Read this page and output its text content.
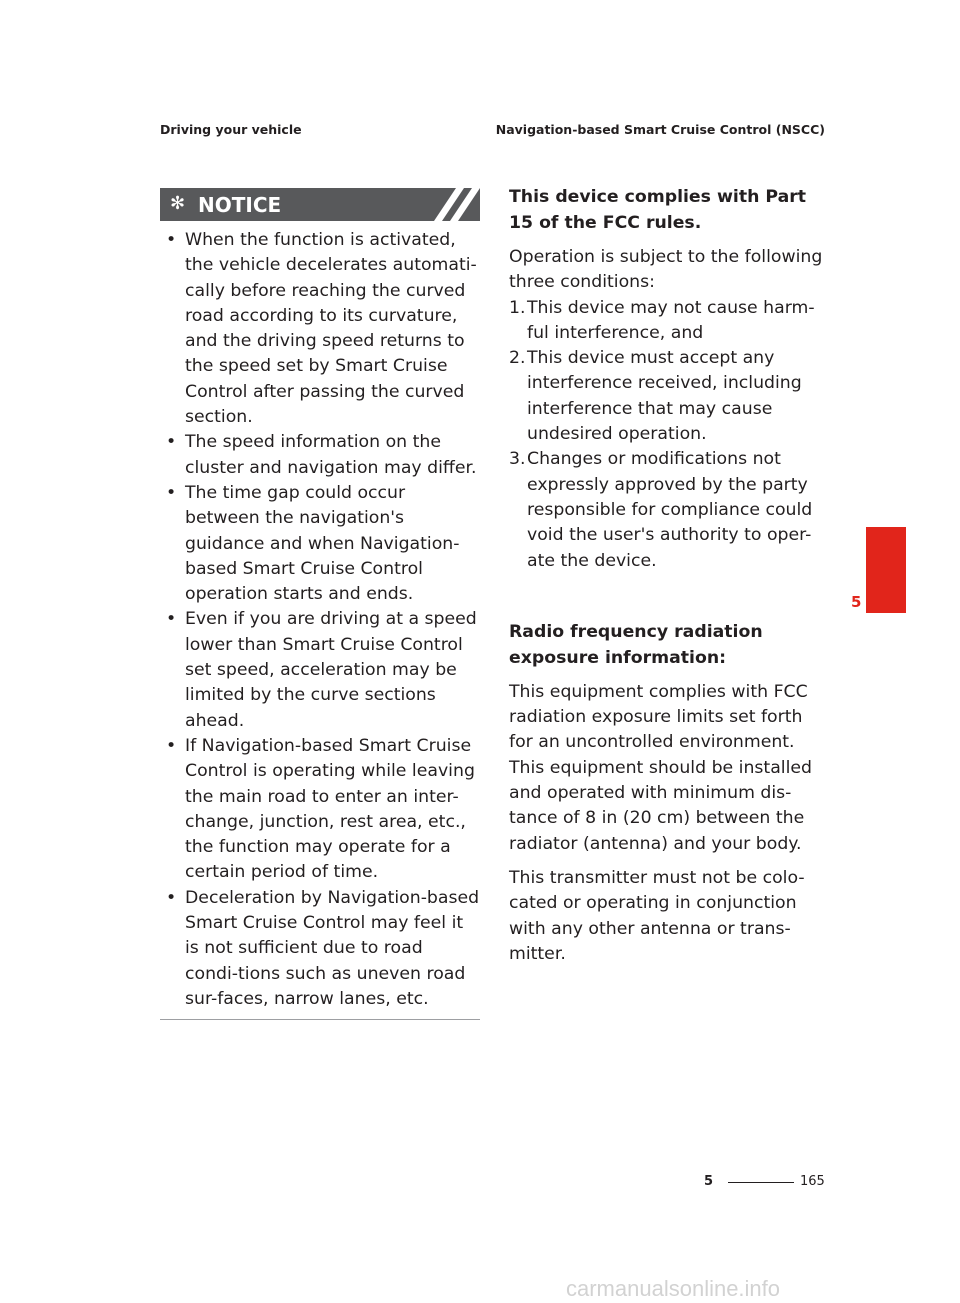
Driving your vehicle	Navigation-based Smart Cruise Control (NSCC)
✻ NOTICE
• When the function is activated, the vehicle decelerates automati-cally before reaching the curved road according to its curvature, and the driving speed returns to the speed set by Smart Cruise Control after passing the curved section.
• The speed information on the cluster and navigation may differ.
• The time gap could occur between the navigation's guidance and when Navigation-based Smart Cruise Control operation starts and ends.
• Even if you are driving at a speed lower than Smart Cruise Control set speed, acceleration may be limited by the curve sections ahead.
• If Navigation-based Smart Cruise Control is operating while leaving the main road to enter an inter-change, junction, rest area, etc., the function may operate for a certain period of time.
• Deceleration by Navigation-based Smart Cruise Control may feel it is not sufficient due to road condi-tions such as uneven road sur-faces, narrow lanes, etc.

This device complies with Part 15 of the FCC rules.

Operation is subject to the following three conditions:

1. This device may not cause harm-ful interference, and
2. This device must accept any interference received, including interference that may cause undesired operation.
3. Changes or modifications not expressly approved by the party responsible for compliance could void the user's authority to oper-ate the device.

Radio frequency radiation exposure information:

This equipment complies with FCC radiation exposure limits set forth for an uncontrolled environment. This equipment should be installed and operated with minimum dis-tance of 8 in (20 cm) between the radiator (antenna) and your body.

This transmitter must not be colo-cated or operating in conjunction with any other antenna or trans-mitter.

5
5	165
carmanualsonline.info
